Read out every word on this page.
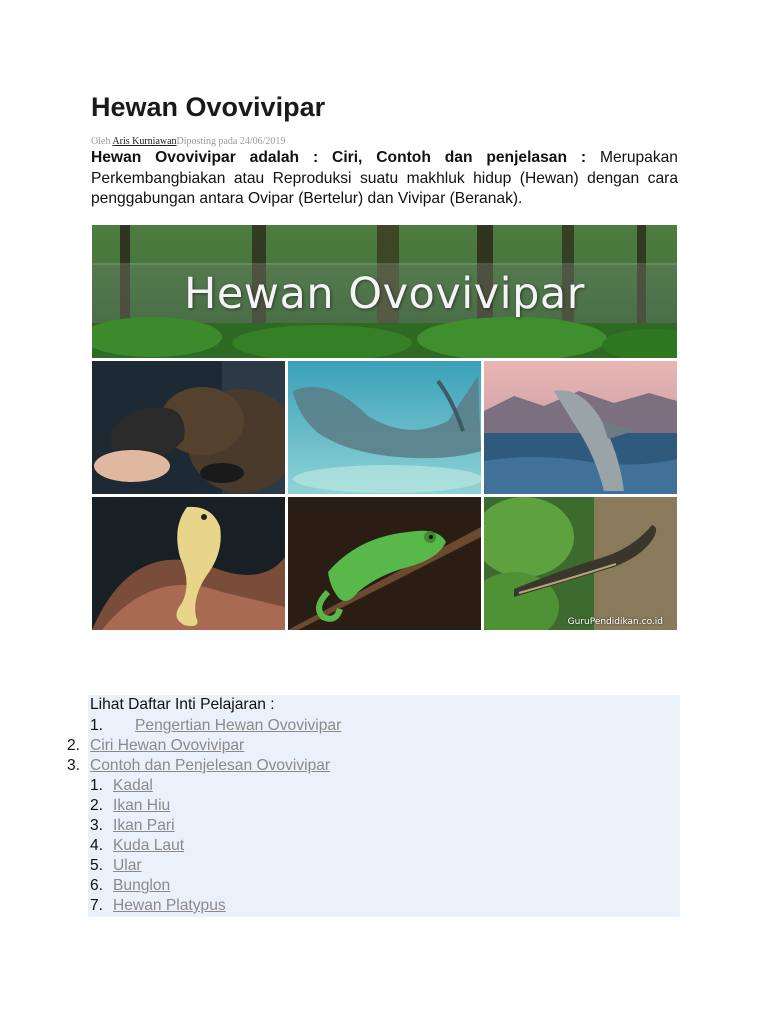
Hewan Ovovivipar
Oleh Aris KurniawanDiposting pada 24/06/2019

Hewan Ovovivipar adalah : Ciri, Contoh dan penjelasan : Merupakan Perkembangbiakan atau Reproduksi suatu makhluk hidup (Hewan) dengan cara penggabungan antara Ovipar (Bertelur) dan Vivipar (Beranak).

Hewan Ovovivipar
GuruPendidikan.co.id
Lihat Daftar Inti Pelajaran :
1. Pengertian Hewan Ovovivipar
2. Ciri Hewan Ovovivipar
3. Contoh dan Penjelesan Ovovivipar
1. Kadal
2. Ikan Hiu
3. Ikan Pari
4. Kuda Laut
5. Ular
6. Bunglon
7. Hewan Platypus
